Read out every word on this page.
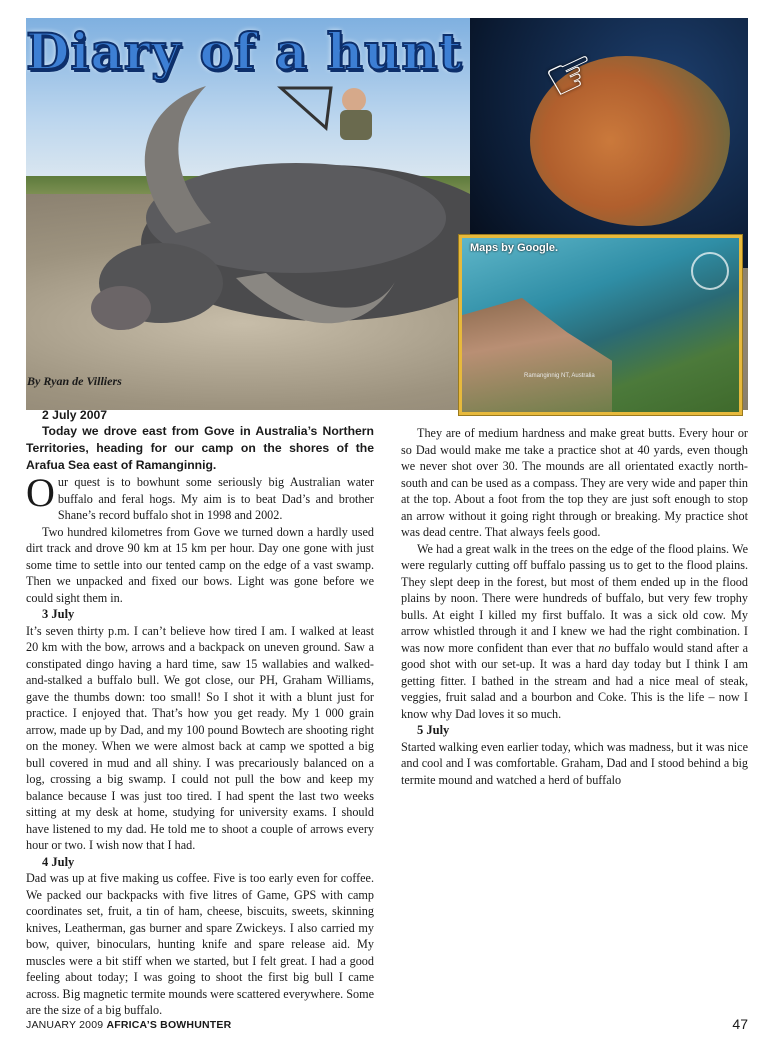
☞
Diary of a hunt
Maps by Google.
Ramanginnig NT, Australia
By Ryan de Villiers

2 July 2007

Today we drove east from Gove in Australia’s Northern Territories, heading for our camp on the shores of the Arafua Sea east of Ramanginnig.

Our quest is to bowhunt some seriously big Australian water buffalo and feral hogs. My aim is to beat Dad’s and brother Shane’s record buffalo shot in 1998 and 2002.

Two hundred kilometres from Gove we turned down a hardly used dirt track and drove 90 km at 15 km per hour. Day one gone with just some time to settle into our tented camp on the edge of a vast swamp. Then we unpacked and fixed our bows. Light was gone before we could sight them in.

3 July

It’s seven thirty p.m. I can’t believe how tired I am. I walked at least 20 km with the bow, arrows and a backpack on uneven ground. Saw a constipated dingo having a hard time, saw 15 wallabies and walked-and-stalked a buffalo bull. We got close, our PH, Graham Williams, gave the thumbs down: too small! So I shot it with a blunt just for practice. I enjoyed that. That’s how you get ready. My 1 000 grain arrow, made up by Dad, and my 100 pound Bowtech are shooting right on the money. When we were almost back at camp we spotted a big bull covered in mud and all shiny. I was precariously balanced on a log, crossing a big swamp. I could not pull the bow and keep my balance because I was just too tired. I had spent the last two weeks sitting at my desk at home, studying for university exams. I should have listened to my dad. He told me to shoot a couple of arrows every hour or two. I wish now that I had.

4 July

Dad was up at five making us coffee. Five is too early even for coffee. We packed our backpacks with five litres of Game, GPS with camp coordinates set, fruit, a tin of ham, cheese, biscuits, sweets, skinning knives, Leatherman, gas burner and spare Zwickeys. I also carried my bow, quiver, binoculars, hunting knife and spare release aid. My muscles were a bit stiff when we started, but I felt great. I had a good feeling about today; I was going to shoot the first big bull I came across. Big magnetic termite mounds were scattered everywhere. Some are the size of a big buffalo.

They are of medium hardness and make great butts. Every hour or so Dad would make me take a practice shot at 40 yards, even though we never shot over 30. The mounds are all orientated exactly north-south and can be used as a compass. They are very wide and paper thin at the top. About a foot from the top they are just soft enough to stop an arrow without it going right through or breaking. My practice shot was dead centre. That always feels good.

We had a great walk in the trees on the edge of the flood plains. We were regularly cutting off buffalo passing us to get to the flood plains. They slept deep in the forest, but most of them ended up in the flood plains by noon. There were hundreds of buffalo, but very few trophy bulls. At eight I killed my first buffalo. It was a sick old cow. My arrow whistled through it and I knew we had the right combination. I was now more confident than ever that no buffalo would stand after a good shot with our set-up. It was a hard day today but I think I am getting fitter. I bathed in the stream and had a nice meal of steak, veggies, fruit salad and a bourbon and Coke. This is the life – now I know why Dad loves it so much.

5 July

Started walking even earlier today, which was madness, but it was nice and cool and I was comfortable. Graham, Dad and I stood behind a big termite mound and watched a herd of buffalo

JANUARY 2009 AFRICA’S BOWHUNTER	47
